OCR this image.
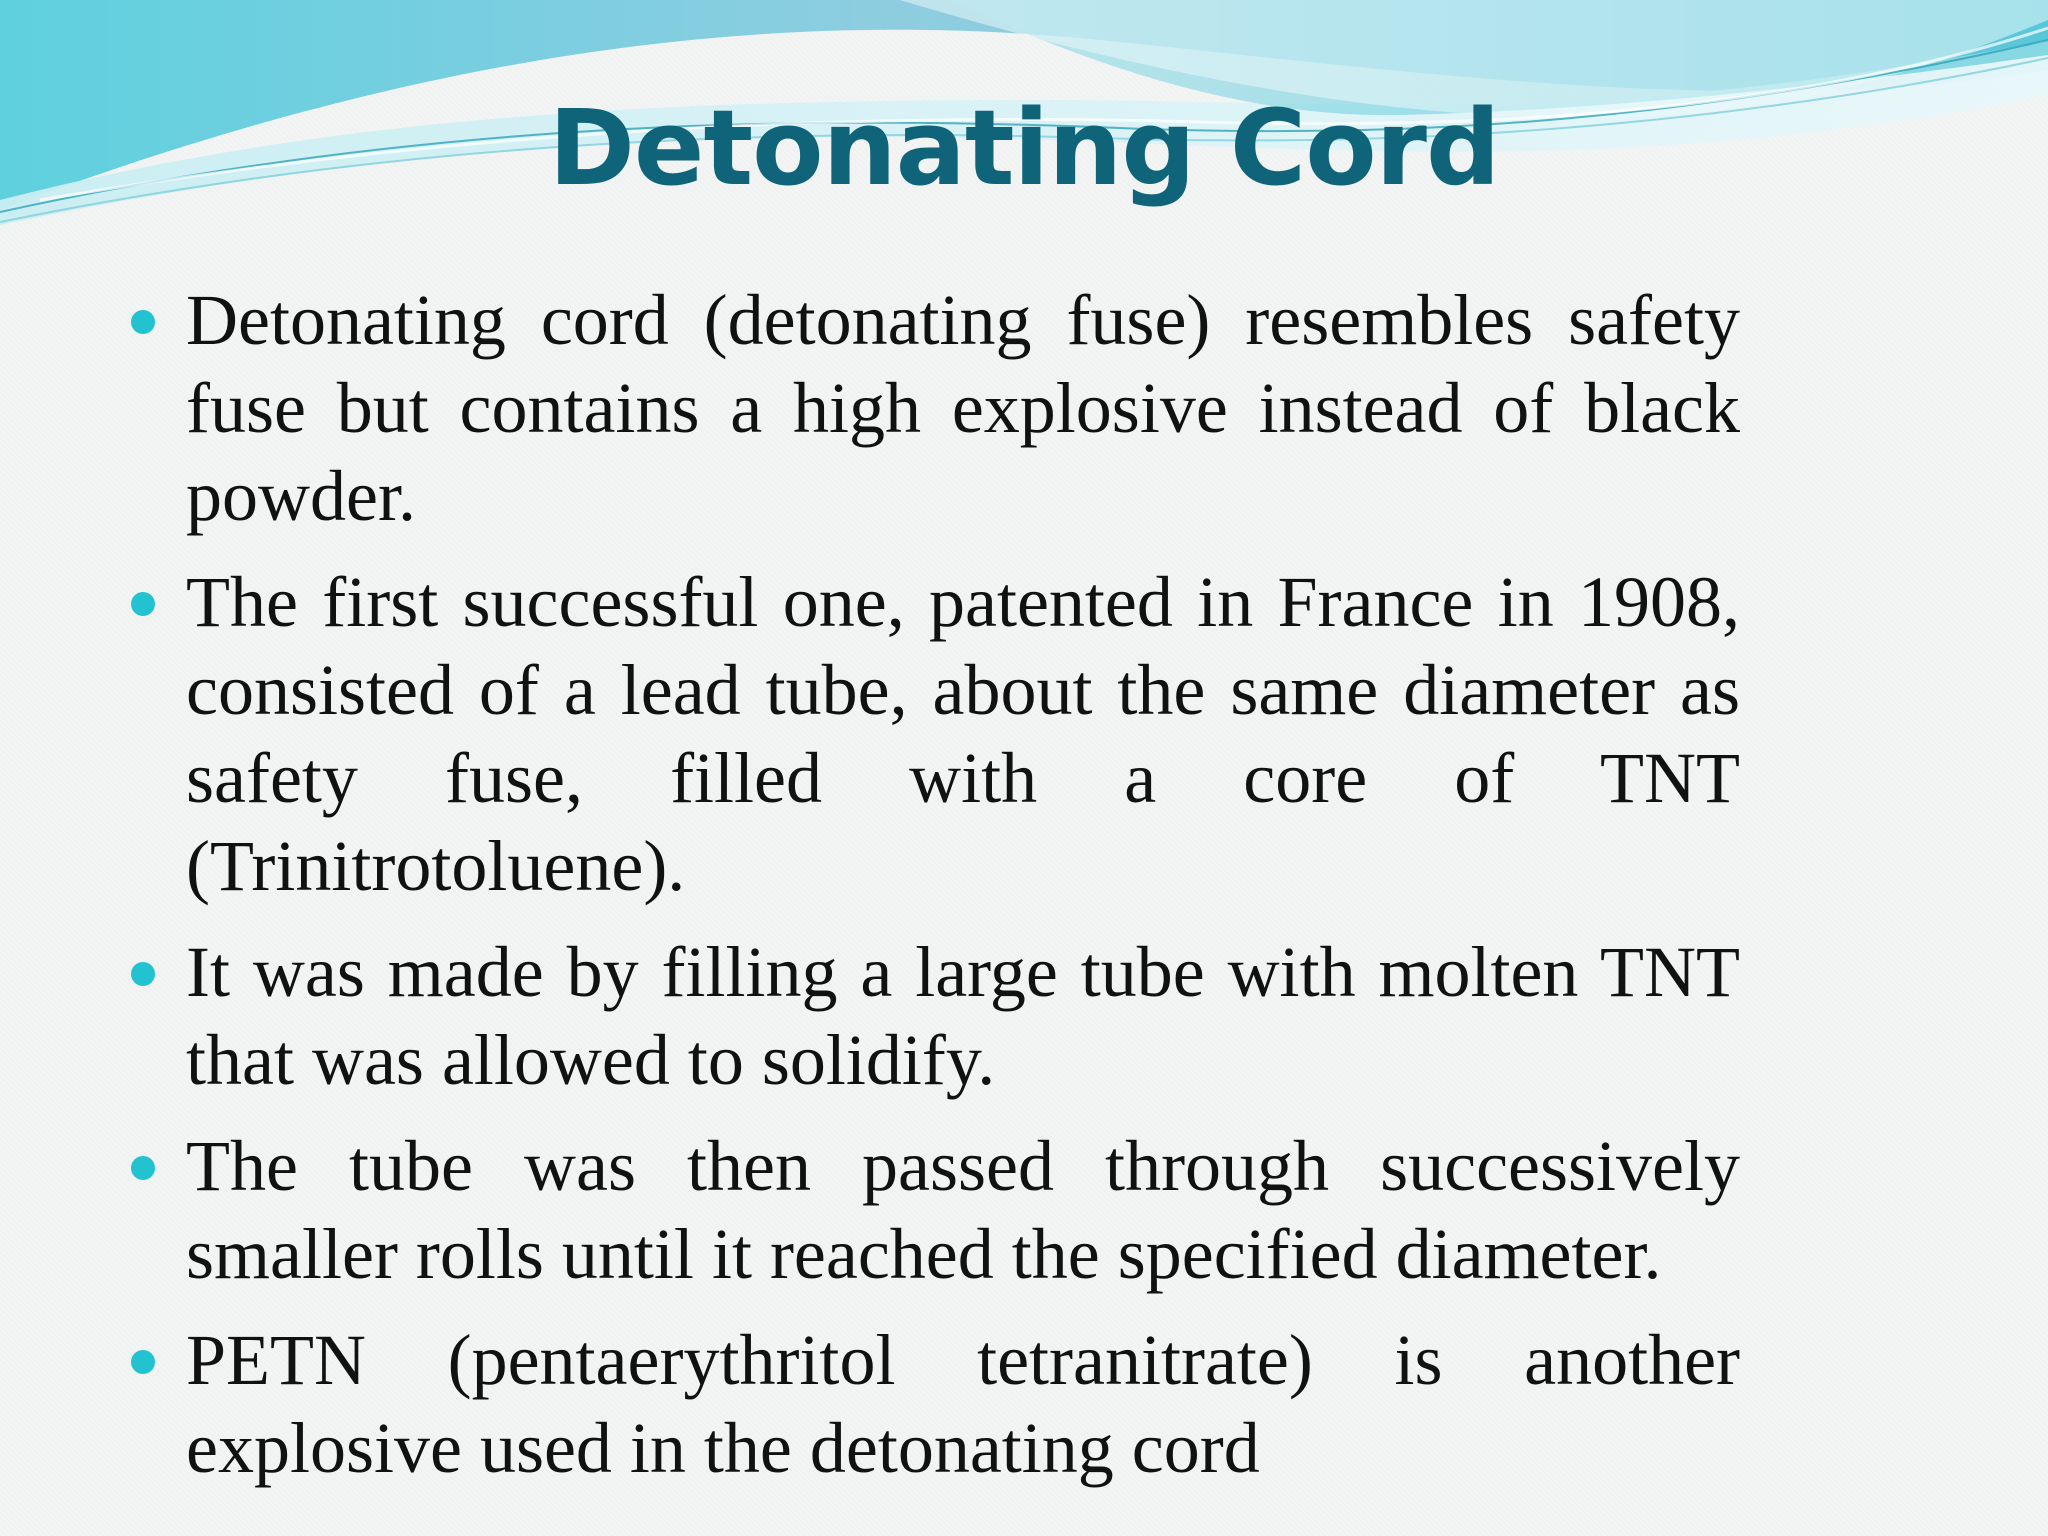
Detonating Cord
Detonating cord (detonating fuse) resembles safety fuse but contains a high explosive instead of black powder.
The first successful one, patented in France in 1908, consisted of a lead tube, about the same diameter as safety fuse, filled with a core of TNT (Trinitrotoluene).
It was made by filling a large tube with molten TNT that was allowed to solidify.
The tube was then passed through successively smaller rolls until it reached the specified diameter.
PETN (pentaerythritol tetranitrate) is another explosive used in the detonating cord
